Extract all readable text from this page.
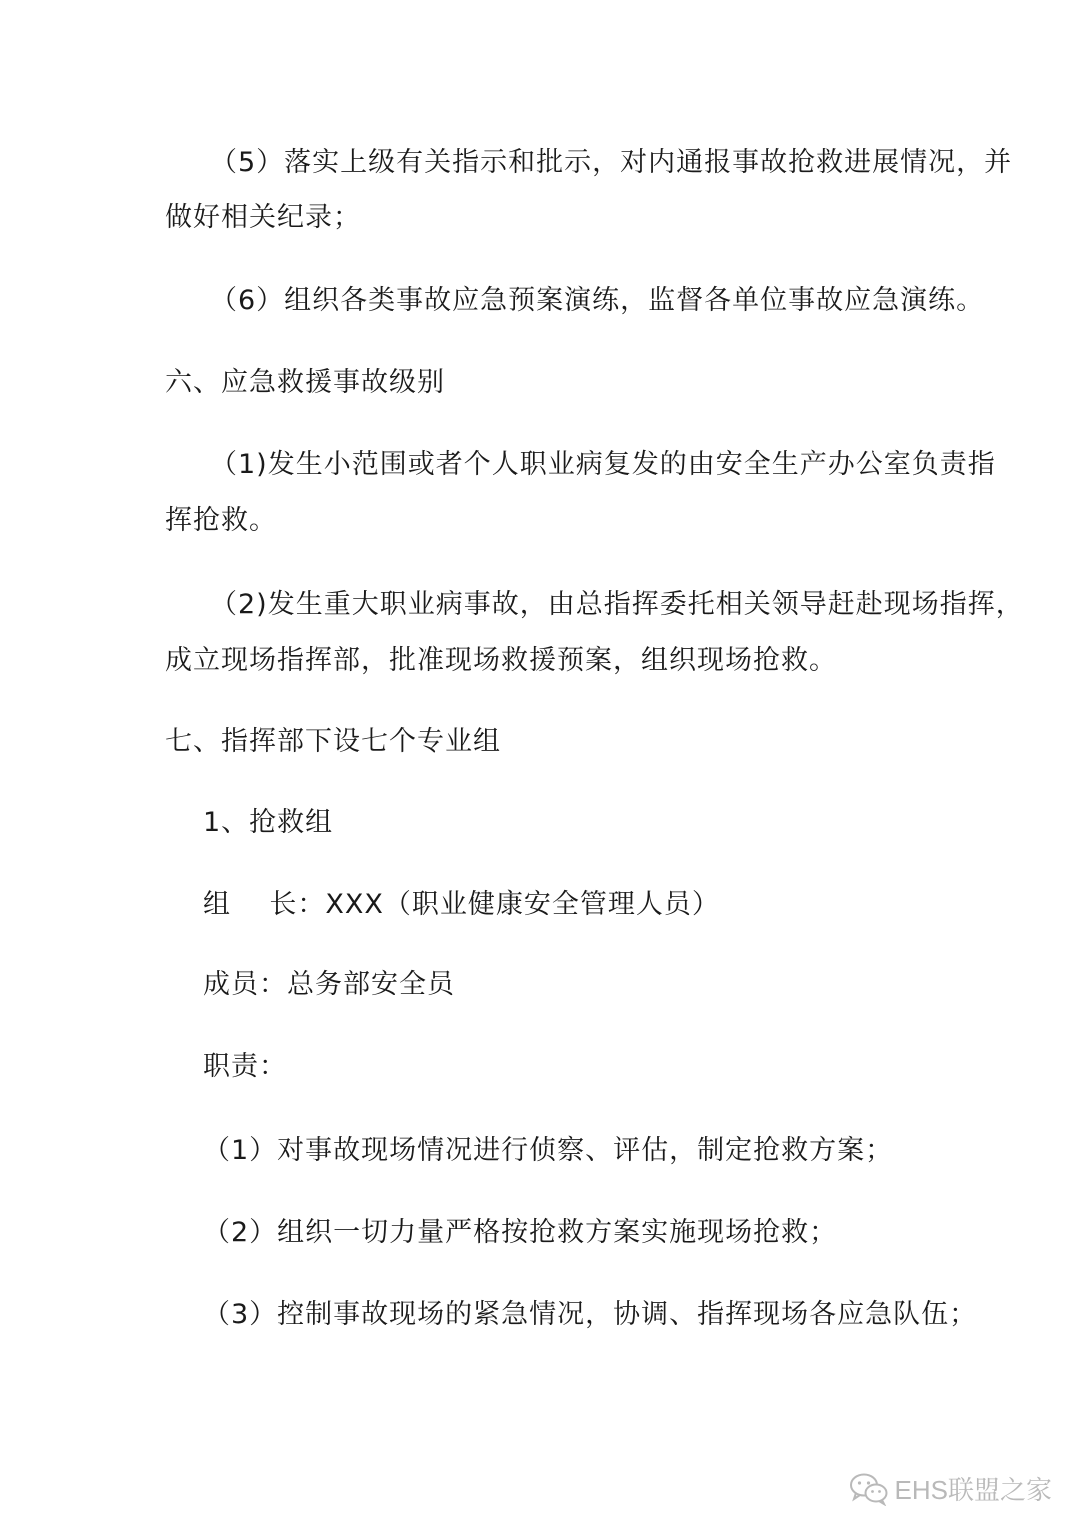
（5）落实上级有关指示和批示，对内通报事故抢救进展情况，并
做好相关纪录；
（6）组织各类事故应急预案演练，监督各单位事故应急演练。
六、应急救援事故级别
（1)发生小范围或者个人职业病复发的由安全生产办公室负责指
挥抢救。
（2)发生重大职业病事故，由总指挥委托相关领导赶赴现场指挥，
成立现场指挥部，批准现场救援预案，组织现场抢救。
七、指挥部下设七个专业组
1、抢救组
组    长：XXX（职业健康安全管理人员）
成员：总务部安全员
职责：
（1）对事故现场情况进行侦察、评估，制定抢救方案；
（2）组织一切力量严格按抢救方案实施现场抢救；
（3）控制事故现场的紧急情况，协调、指挥现场各应急队伍；
EHS联盟之家
